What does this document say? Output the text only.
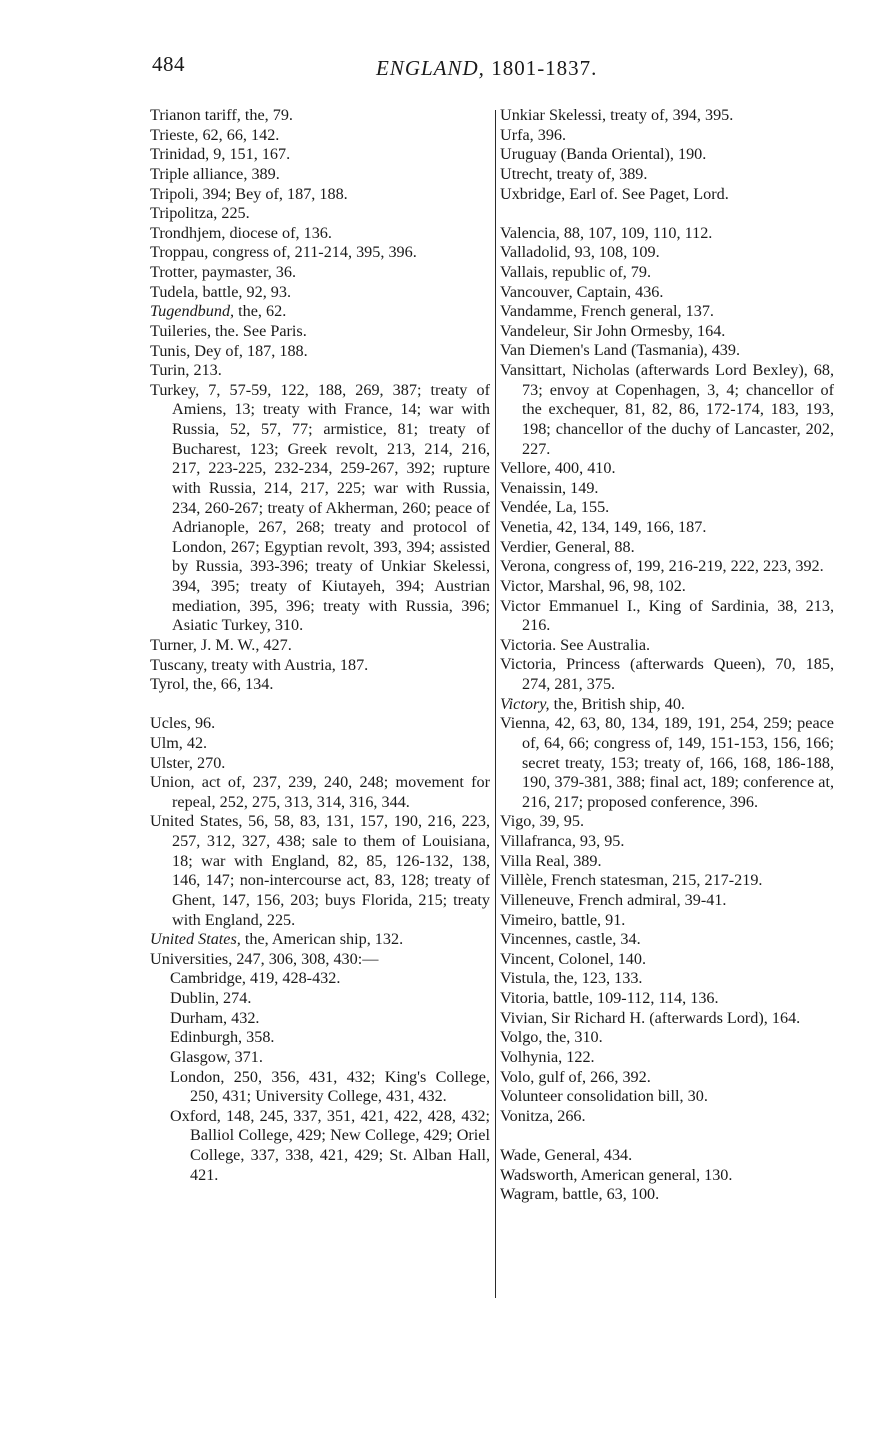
484	ENGLAND, 1801-1837.

Trianon tariff, the, 79.

Trieste, 62, 66, 142.

Trinidad, 9, 151, 167.

Triple alliance, 389.

Tripoli, 394; Bey of, 187, 188.

Tripolitza, 225.

Trondhjem, diocese of, 136.

Troppau, congress of, 211-214, 395, 396.

Trotter, paymaster, 36.

Tudela, battle, 92, 93.

Tugendbund, the, 62.

Tuileries, the. See Paris.

Tunis, Dey of, 187, 188.

Turin, 213.

Turkey, 7, 57-59, 122, 188, 269, 387; treaty of Amiens, 13; treaty with France, 14; war with Russia, 52, 57, 77; armistice, 81; treaty of Bucharest, 123; Greek revolt, 213, 214, 216, 217, 223-225, 232-234, 259-267, 392; rupture with Russia, 214, 217, 225; war with Russia, 234, 260-267; treaty of Akherman, 260; peace of Adrianople, 267, 268; treaty and protocol of London, 267; Egyptian revolt, 393, 394; assisted by Russia, 393-396; treaty of Unkiar Skelessi, 394, 395; treaty of Kiutayeh, 394; Austrian mediation, 395, 396; treaty with Russia, 396; Asiatic Turkey, 310.

Turner, J. M. W., 427.

Tuscany, treaty with Austria, 187.

Tyrol, the, 66, 134.

Ucles, 96.

Ulm, 42.

Ulster, 270.

Union, act of, 237, 239, 240, 248; movement for repeal, 252, 275, 313, 314, 316, 344.

United States, 56, 58, 83, 131, 157, 190, 216, 223, 257, 312, 327, 438; sale to them of Louisiana, 18; war with England, 82, 85, 126-132, 138, 146, 147; non-intercourse act, 83, 128; treaty of Ghent, 147, 156, 203; buys Florida, 215; treaty with England, 225.

United States, the, American ship, 132.

Universities, 247, 306, 308, 430:—

Cambridge, 419, 428-432.

Dublin, 274.

Durham, 432.

Edinburgh, 358.

Glasgow, 371.

London, 250, 356, 431, 432; King's College, 250, 431; University College, 431, 432.

Oxford, 148, 245, 337, 351, 421, 422, 428, 432; Balliol College, 429; New College, 429; Oriel College, 337, 338, 421, 429; St. Alban Hall, 421.

Unkiar Skelessi, treaty of, 394, 395.

Urfa, 396.

Uruguay (Banda Oriental), 190.

Utrecht, treaty of, 389.

Uxbridge, Earl of. See Paget, Lord.

Valencia, 88, 107, 109, 110, 112.

Valladolid, 93, 108, 109.

Vallais, republic of, 79.

Vancouver, Captain, 436.

Vandamme, French general, 137.

Vandeleur, Sir John Ormesby, 164.

Van Diemen's Land (Tasmania), 439.

Vansittart, Nicholas (afterwards Lord Bexley), 68, 73; envoy at Copenhagen, 3, 4; chancellor of the exchequer, 81, 82, 86, 172-174, 183, 193, 198; chancellor of the duchy of Lancaster, 202, 227.

Vellore, 400, 410.

Venaissin, 149.

Vendée, La, 155.

Venetia, 42, 134, 149, 166, 187.

Verdier, General, 88.

Verona, congress of, 199, 216-219, 222, 223, 392.

Victor, Marshal, 96, 98, 102.

Victor Emmanuel I., King of Sardinia, 38, 213, 216.

Victoria. See Australia.

Victoria, Princess (afterwards Queen), 70, 185, 274, 281, 375.

Victory, the, British ship, 40.

Vienna, 42, 63, 80, 134, 189, 191, 254, 259; peace of, 64, 66; congress of, 149, 151-153, 156, 166; secret treaty, 153; treaty of, 166, 168, 186-188, 190, 379-381, 388; final act, 189; conference at, 216, 217; proposed conference, 396.

Vigo, 39, 95.

Villafranca, 93, 95.

Villa Real, 389.

Villèle, French statesman, 215, 217-219.

Villeneuve, French admiral, 39-41.

Vimeiro, battle, 91.

Vincennes, castle, 34.

Vincent, Colonel, 140.

Vistula, the, 123, 133.

Vitoria, battle, 109-112, 114, 136.

Vivian, Sir Richard H. (afterwards Lord), 164.

Volgo, the, 310.

Volhynia, 122.

Volo, gulf of, 266, 392.

Volunteer consolidation bill, 30.

Vonitza, 266.

Wade, General, 434.

Wadsworth, American general, 130.

Wagram, battle, 63, 100.
